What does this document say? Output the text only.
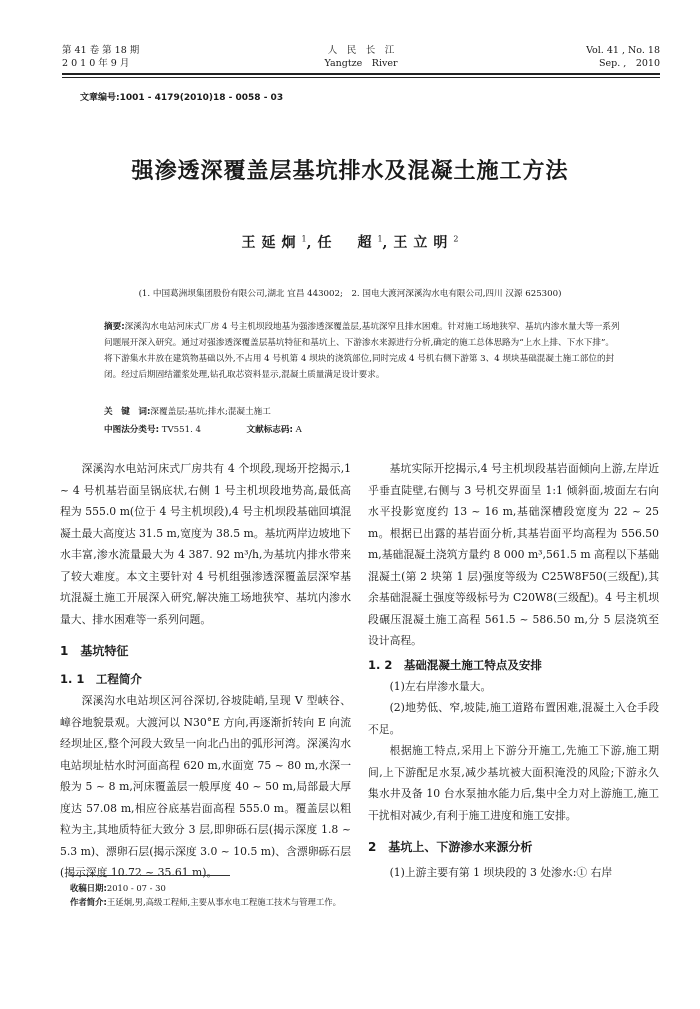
第 41 卷 第 18 期
2 0 1 0 年 9 月
人　民　长　江
Yangtze　River
Vol. 41 , No. 18
Sep. ,　2010
文章编号:1001 - 4179(2010)18 - 0058 - 03
强渗透深覆盖层基坑排水及混凝土施工方法
王延炯$^1$,任　超$^1$,王立明$^2$
(1. 中国葛洲坝集团股份有限公司,湖北 宜昌 443002;　2. 国电大渡河深溪沟水电有限公司,四川 汉源 625300)
摘要:深溪沟水电站河床式厂房 4 号主机坝段地基为强渗透深覆盖层,基坑深窄且排水困难。针对施工场地狭窄、基坑内渗水量大等一系列问题展开深入研究。通过对强渗透深覆盖层基坑特征和基坑上、下游渗水来源进行分析,确定的施工总体思路为“上水上排、下水下排”。将下游集水井放在建筑物基础以外,不占用 4 号机第 4 坝块的浇筑部位,同时完成 4 号机右侧下游第 3、4 坝块基础混凝土施工部位的封闭。经过后期固结灌浆处理,钻孔取芯资料显示,混凝土质量满足设计要求。
关　键　词:深覆盖层;基坑;排水;混凝土施工
中图法分类号: TV551. 4	文献标志码: A

深溪沟水电站河床式厂房共有 4 个坝段,现场开挖揭示,1 ~ 4 号机基岩面呈锅底状,右侧 1 号主机坝段地势高,最低高程为 555.0 m(位于 4 号主机坝段),4 号主机坝段基础回填混凝土最大高度达 31.5 m,宽度为 38.5 m。基坑两岸边坡地下水丰富,渗水流量最大为 4 387. 92 m³/h,为基坑内排水带来了较大难度。本文主要针对 4 号机组强渗透深覆盖层深窄基坑混凝土施工开展深入研究,解决施工场地狭窄、基坑内渗水量大、排水困难等一系列问题。

1　基坑特征
1. 1　工程简介

深溪沟水电站坝区河谷深切,谷坡陡峭,呈现 V 型峡谷、嶂谷地貌景观。大渡河以 N30°E 方向,再逐渐折转向 E 向流经坝址区,整个河段大致呈一向北凸出的弧形河湾。深溪沟水电站坝址枯水时河面高程 620 m,水面宽 75 ~ 80 m,水深一般为 5 ~ 8 m,河床覆盖层一般厚度 40 ~ 50 m,局部最大厚度达 57.08 m,相应谷底基岩面高程 555.0 m。覆盖层以粗粒为主,其地质特征大致分 3 层,即卵砾石层(揭示深度 1.8 ~ 5.3 m)、漂卵石层(揭示深度 3.0 ~ 10.5 m)、含漂卵砾石层(揭示深度 10.72 ~ 35.61 m)。

基坑实际开挖揭示,4 号主机坝段基岩面倾向上游,左岸近乎垂直陡壁,右侧与 3 号机交界面呈 1:1 倾斜面,坡面左右向水平投影宽度约 13 ~ 16 m,基础深槽段宽度为 22 ~ 25 m。根据已出露的基岩面分析,其基岩面平均高程为 556.50 m,基础混凝土浇筑方量约 8 000 m³,561.5 m 高程以下基础混凝土(第 2 块第 1 层)强度等级为 C25W8F50(三级配),其余基础混凝土强度等级标号为 C20W8(三级配)。4 号主机坝段碾压混凝土施工高程 561.5 ~ 586.50 m,分 5 层浇筑至设计高程。

1. 2　基础混凝土施工特点及安排

(1)左右岸渗水量大。

(2)地势低、窄,坡陡,施工道路布置困难,混凝土入仓手段不足。

根据施工特点,采用上下游分开施工,先施工下游,施工期间,上下游配足水泵,减少基坑被大面积淹没的风险;下游永久集水井及备 10 台水泵抽水能力后,集中全力对上游施工,施工干扰相对减少,有利于施工进度和施工安排。

2　基坑上、下游渗水来源分析

(1)上游主要有第 1 坝块段的 3 处渗水:① 右岸

收稿日期:2010 - 07 - 30
作者简介:王延炯,男,高级工程师,主要从事水电工程施工技术与管理工作。
